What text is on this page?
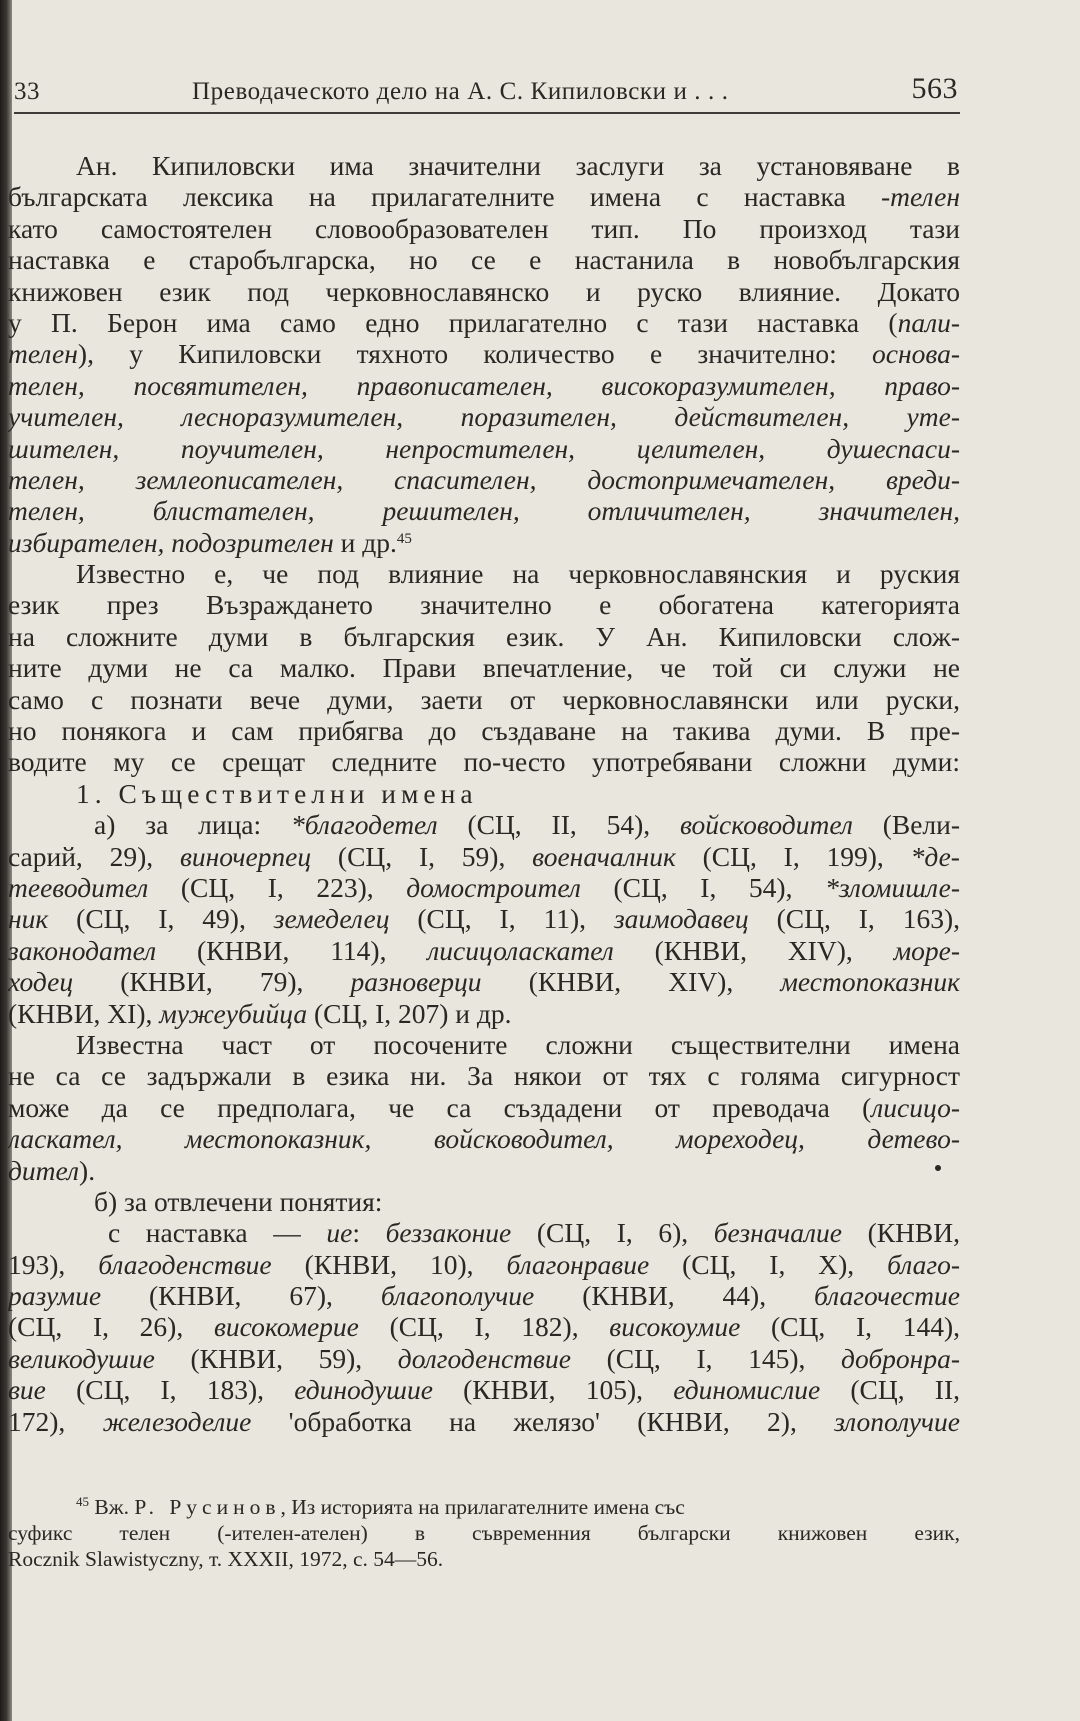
33	Преводаческото дело на А. С. Кипиловски и . . .	563
Ан. Кипиловски има значителни заслуги за установяване в
българската лексика на прилагателните имена с наставка -телен
като самостоятелен словообразователен тип. По произход тази
наставка е старобългарска, но се е настанила в новобългарския
книжовен език под черковнославянско и руско влияние. Докато
у П. Берон има само едно прилагателно с тази наставка (пали-
телен), у Кипиловски тяхното количество е значително: основа-
телен, посвятителен, правописателен, високоразумителен, право-
учителен, лесноразумителен, поразителен, действителен, уте-
шителен, поучителен, непростителен, целителен, душеспаси-
телен, землеописателен, спасителен, достопримечателен, вреди-
телен, блистателен, решителен, отличителен, значителен,
избирателен, подозрителен и др.$^{45}$
Известно е, че под влияние на черковнославянския и руския
език през Възраждането значително е обогатена категорията
на сложните думи в българския език. У Ан. Кипиловски слож-
ните думи не са малко. Прави впечатление, че той си служи не
само с познати вече думи, заети от черковнославянски или руски,
но понякога и сам прибягва до създаване на такива думи. В пре-
водите му се срещат следните по-често употребявани сложни думи:
1. Съществителни имена
а) за лица: *благодетел (СЦ, II, 54), войсководител (Вели-
сарий, 29), виночерпец (СЦ, I, 59), военачалник (СЦ, I, 199), *де-
тееводител (СЦ, I, 223), домостроител (СЦ, I, 54), *зломишле-
ник (СЦ, I, 49), земеделец (СЦ, I, 11), заимодавец (СЦ, I, 163),
законодател (КНВИ, 114), лисицоласкател (КНВИ, XIV), море-
ходец (КНВИ, 79), разноверци (КНВИ, XIV), местопоказник
(КНВИ, XI), мужеубийца (СЦ, I, 207) и др.
Известна част от посочените сложни съществителни имена
не са се задържали в езика ни. За някои от тях с голяма сигурност
може да се предполага, че са създадени от преводача (лисицо-
ласкател, местопоказник, войсководител, мореходец, детево-
дител).
б) за отвлечени понятия:
с наставка — ие: беззаконие (СЦ, I, 6), безначалие (КНВИ,
193), благоденствие (КНВИ, 10), благонравие (СЦ, I, X), благо-
разумие (КНВИ, 67), благополучие (КНВИ, 44), благочестие
(СЦ, I, 26), високомерие (СЦ, I, 182), високоумие (СЦ, I, 144),
великодушие (КНВИ, 59), долгоденствие (СЦ, I, 145), добронра-
вие (СЦ, I, 183), единодушие (КНВИ, 105), единомислие (СЦ, II,
172), железоделие 'обработка на желязо' (КНВИ, 2), злополучие
$^{45}$ Вж. Р. Русинов, Из историята на прилагателните имена със
суфикс телен (-ителен-ателен) в съвременния български книжовен език,
Rocznik Slawistyczny, т. XXXII, 1972, с. 54—56.
